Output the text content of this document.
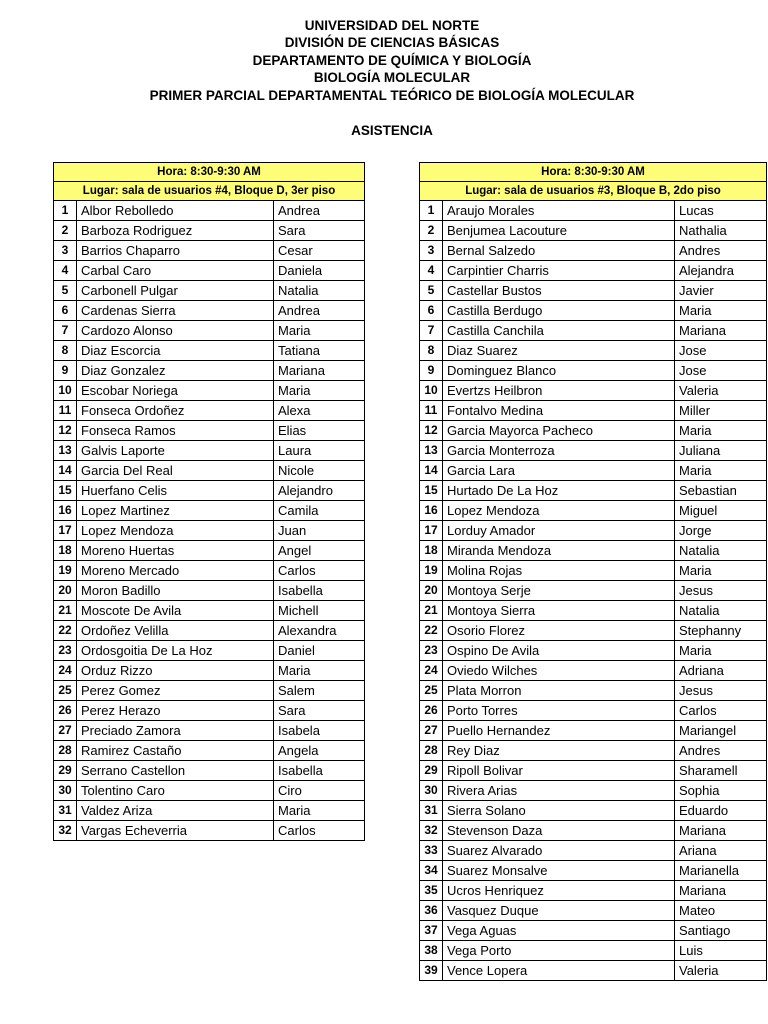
UNIVERSIDAD DEL NORTE
DIVISIÓN DE CIENCIAS BÁSICAS
DEPARTAMENTO DE QUÍMICA Y BIOLOGÍA
BIOLOGÍA MOLECULAR
PRIMER PARCIAL DEPARTAMENTAL TEÓRICO DE BIOLOGÍA MOLECULAR
ASISTENCIA
Hora: 8:30-9:30 AM		
Lugar: sala de usuarios #4, Bloque D, 3er piso		
1	Albor Rebolledo	Andrea
2	Barboza Rodriguez	Sara
3	Barrios Chaparro	Cesar
4	Carbal Caro	Daniela
5	Carbonell Pulgar	Natalia
6	Cardenas Sierra	Andrea
7	Cardozo Alonso	Maria
8	Diaz Escorcia	Tatiana
9	Diaz Gonzalez	Mariana
10	Escobar Noriega	Maria
11	Fonseca Ordoñez	Alexa
12	Fonseca Ramos	Elias
13	Galvis Laporte	Laura
14	Garcia Del Real	Nicole
15	Huerfano Celis	Alejandro
16	Lopez Martinez	Camila
17	Lopez Mendoza	Juan
18	Moreno Huertas	Angel
19	Moreno Mercado	Carlos
20	Moron Badillo	Isabella
21	Moscote De Avila	Michell
22	Ordoñez Velilla	Alexandra
23	Ordosgoitia De La Hoz	Daniel
24	Orduz Rizzo	Maria
25	Perez Gomez	Salem
26	Perez Herazo	Sara
27	Preciado Zamora	Isabela
28	Ramirez Castaño	Angela
29	Serrano Castellon	Isabella
30	Tolentino Caro	Ciro
31	Valdez Ariza	Maria
32	Vargas Echeverria	Carlos
Hora: 8:30-9:30 AM		
Lugar: sala de usuarios #3, Bloque B, 2do piso		
1	Araujo Morales	Lucas
2	Benjumea Lacouture	Nathalia
3	Bernal Salzedo	Andres
4	Carpintier Charris	Alejandra
5	Castellar Bustos	Javier
6	Castilla Berdugo	Maria
7	Castilla Canchila	Mariana
8	Diaz Suarez	Jose
9	Dominguez Blanco	Jose
10	Evertzs Heilbron	Valeria
11	Fontalvo Medina	Miller
12	Garcia Mayorca Pacheco	Maria
13	Garcia Monterroza	Juliana
14	Garcia Lara	Maria
15	Hurtado De La Hoz	Sebastian
16	Lopez Mendoza	Miguel
17	Lorduy Amador	Jorge
18	Miranda Mendoza	Natalia
19	Molina Rojas	Maria
20	Montoya Serje	Jesus
21	Montoya Sierra	Natalia
22	Osorio Florez	Stephanny
23	Ospino De Avila	Maria
24	Oviedo Wilches	Adriana
25	Plata Morron	Jesus
26	Porto Torres	Carlos
27	Puello Hernandez	Mariangel
28	Rey Diaz	Andres
29	Ripoll Bolivar	Sharamell
30	Rivera Arias	Sophia
31	Sierra Solano	Eduardo
32	Stevenson Daza	Mariana
33	Suarez Alvarado	Ariana
34	Suarez Monsalve	Marianella
35	Ucros Henriquez	Mariana
36	Vasquez Duque	Mateo
37	Vega Aguas	Santiago
38	Vega Porto	Luis
39	Vence Lopera	Valeria
